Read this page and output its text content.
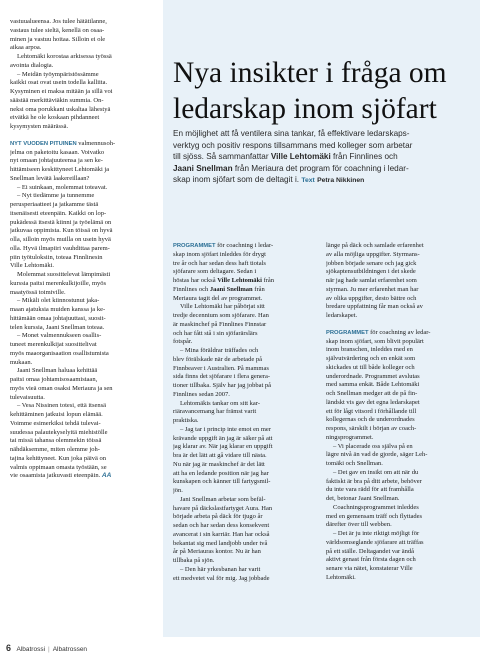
vastuualueensa. Jos tulee hätätilanne,
vastaus tulee sieltä, kenellä on osaa-
minen ja vastuu hoitaa. Silloin ei ole
aikaa arpoa.

Lehtomäki korostaa arkisessa työssä
avointa dialogia.

– Meidän työympäristössämme
kaikki osat ovat usein todella kalliita.
Kysyminen ei maksa mitään ja sillä voi
säästää merkittäviäkin summia. On-
neksi oma porukkani uskaltaa lähestyä
eivätkä he ole koskaan pihdanneet
kysymysten määrässä.

NYT VUODEN PITUINEN valmennusoh-
jelma on paketoitu kasaan. Voivatko
nyt omaan johtajuuteensa ja sen ke-
hittämiseen keskittyneet Lehtomäki ja
Snellman levätä laakereillaan?

– Ei suinkaan, molemmat toteavat.

– Nyt tiedämme ja tunnemme
perusperiaatteet ja jatkamme tästä
itsenäisesti eteenpäin. Kaikki on lop-
pukädessä itsestä kiinni ja työelämä on
jatkuvaa oppimista. Kun töissä on hyvä
olla, silloin myös muilla on usein hyvä
olla. Hyvä ilmapiiri vauhdittaa parem-
piin työtuloksiin, toteaa Finnlinesin
Ville Lehtomäki.

Molemmat suosittelevat lämpimästi
kurssia paitsi merenkulkijoille, myös
maatyössä toimiville.

– Mikäli olet kiinnostunut jaka-
maan ajatuksia muiden kanssa ja ke-
hittämään omaa johtajuuttasi, suosit-
telen kurssia, Jaani Snellman toteaa.

– Monet valmennukseen osallis-
tuneet merenkulkijat suosittelivat
myös maaorganisaation osallistumista
mukaan.

Jaani Snellman haluaa kehittää
paitsi omaa johtamisosaamistaan,
myös vieä oman osaksi Meriaura ja sen
tulevaisuutta.

– Vesa Nissinen totesi, että itsensä
kehittäminen jatkuisi lopun elämää.
Voimme esimerkiksi tehdä tulevai-
suudessa palautekyselyitä miehistölle
tai missä tahansa olemmekin töissä
nähdäksemme, miten olemme joh-
tajina kehittyneet. Kun joka päivä on
valmis oppimaan omasta työstään, se
vie osaamista jatkuvasti eteenpäin. AA

Nya insikter i fråga om
ledarskap inom sjöfart

En möjlighet att få ventilera sina tankar, få effektivare ledarskaps-
verktyg och positiv respons tillsammans med kolleger som arbetar
till sjöss. Så sammanfattar Ville Lehtomäki från Finnlines och
Jaani Snellman från Meriaura det program för coachning i ledar-
skap inom sjöfart som de deltagit i. Text Petra Nikkinen

PROGRAMMET för coachning i ledar-
skap inom sjöfart inleddes för drygt
tre år och har sedan dess haft tiotals
sjöfarare som deltagare. Sedan i
höstas har också Ville Lehtomäki från
Finnlines och Jaani Snellman från
Meriaura tagit del av programmet.

Ville Lehtomäki har påbörjat sitt
tredje decennium som sjöfarare. Han
är maskinchef på Finnlines Finnstar
och har fått stå i sin sjöfarärslärs
fotspår.

– Mina föräldrar träffades och
blev förälskade när de arbetade på
Finnbeaver i Australien. På mammas
sida finns det sjöfarare i flera genera-
tioner tillbaka. Själv har jag jobbat på
Finnlines sedan 2007.

Lehtomäkis tankar om sitt kar-
riäravancemang har främst varit
praktiska.

– Jag tar i princip inte emot en mer
krävande uppgift än jag är säker på att
jag klarar av. När jag klarar en uppgift
bra är det lätt att gå vidare till nästa.
Nu när jag är maskinchef är det lätt
att ha en ledande position när jag har
kunskapen och känner till fartygsmil-
jön.

Jani Snellman arbetar som befäl-
havare på däckslastfartyget Aura. Han
började arbeta på däck för tjugo år
sedan och har sedan dess konsekvent
avancerat i sin karriär. Han har också
bekantat sig med landjobb under två
år på Meriauras kontor. Nu är han
tillbaka på sjön.

– Den här yrkesbanan har varit
ett medvetet val för mig. Jag jobbade

länge på däck och samlade erfarenhet
av alla möjliga uppgifter. Styrmans-
jobben började senare och jag gick
sjökaptensutbildningen i det skede
när jag hade samlat erfarenhet som
styrman. Ju mer erfarenhet man har
av olika uppgifter, desto bättre och
bredare uppfattning får man också av
ledarskapet.

PROGRAMMET för coachning av ledar-
skap inom sjöfart, som blivit populärt
inom branschen, inleddes med en
självutvärdering och en enkät som
skickades ut till både kolleger och
underordnade. Programmet avslutas
med samma enkät. Både Lehtomäki
och Snellman medger att de på fin-
ländskt vis gav det egna ledarskapet
ett för lågt vitsord i förhållande till
kollegernas och de underordnades
respons, särskilt i början av coach-
ningsprogrammet.

– Vi placerade oss själva på en
lägre nivå än vad de gjorde, säger Leh-
tomäki och Snellman.

– Det gav en insikt om att när du
faktiskt är bra på ditt arbete, behöver
du inte vara rädd för att framhålla
det, betonar Jaani Snellman.

Coachningsprogrammet inleddes
med en gemensam träff och flyttades
därefter över till webben.

– Det är ju inte riktigt möjligt för
världsomseglande sjöfarare att träffas
på ett ställe. Deltagandet var ändå
aktivt genast från första dagen och
senare via nätet, konstaterar Ville
Lehtomäki.

6 Albatrossi | Albatrossen
